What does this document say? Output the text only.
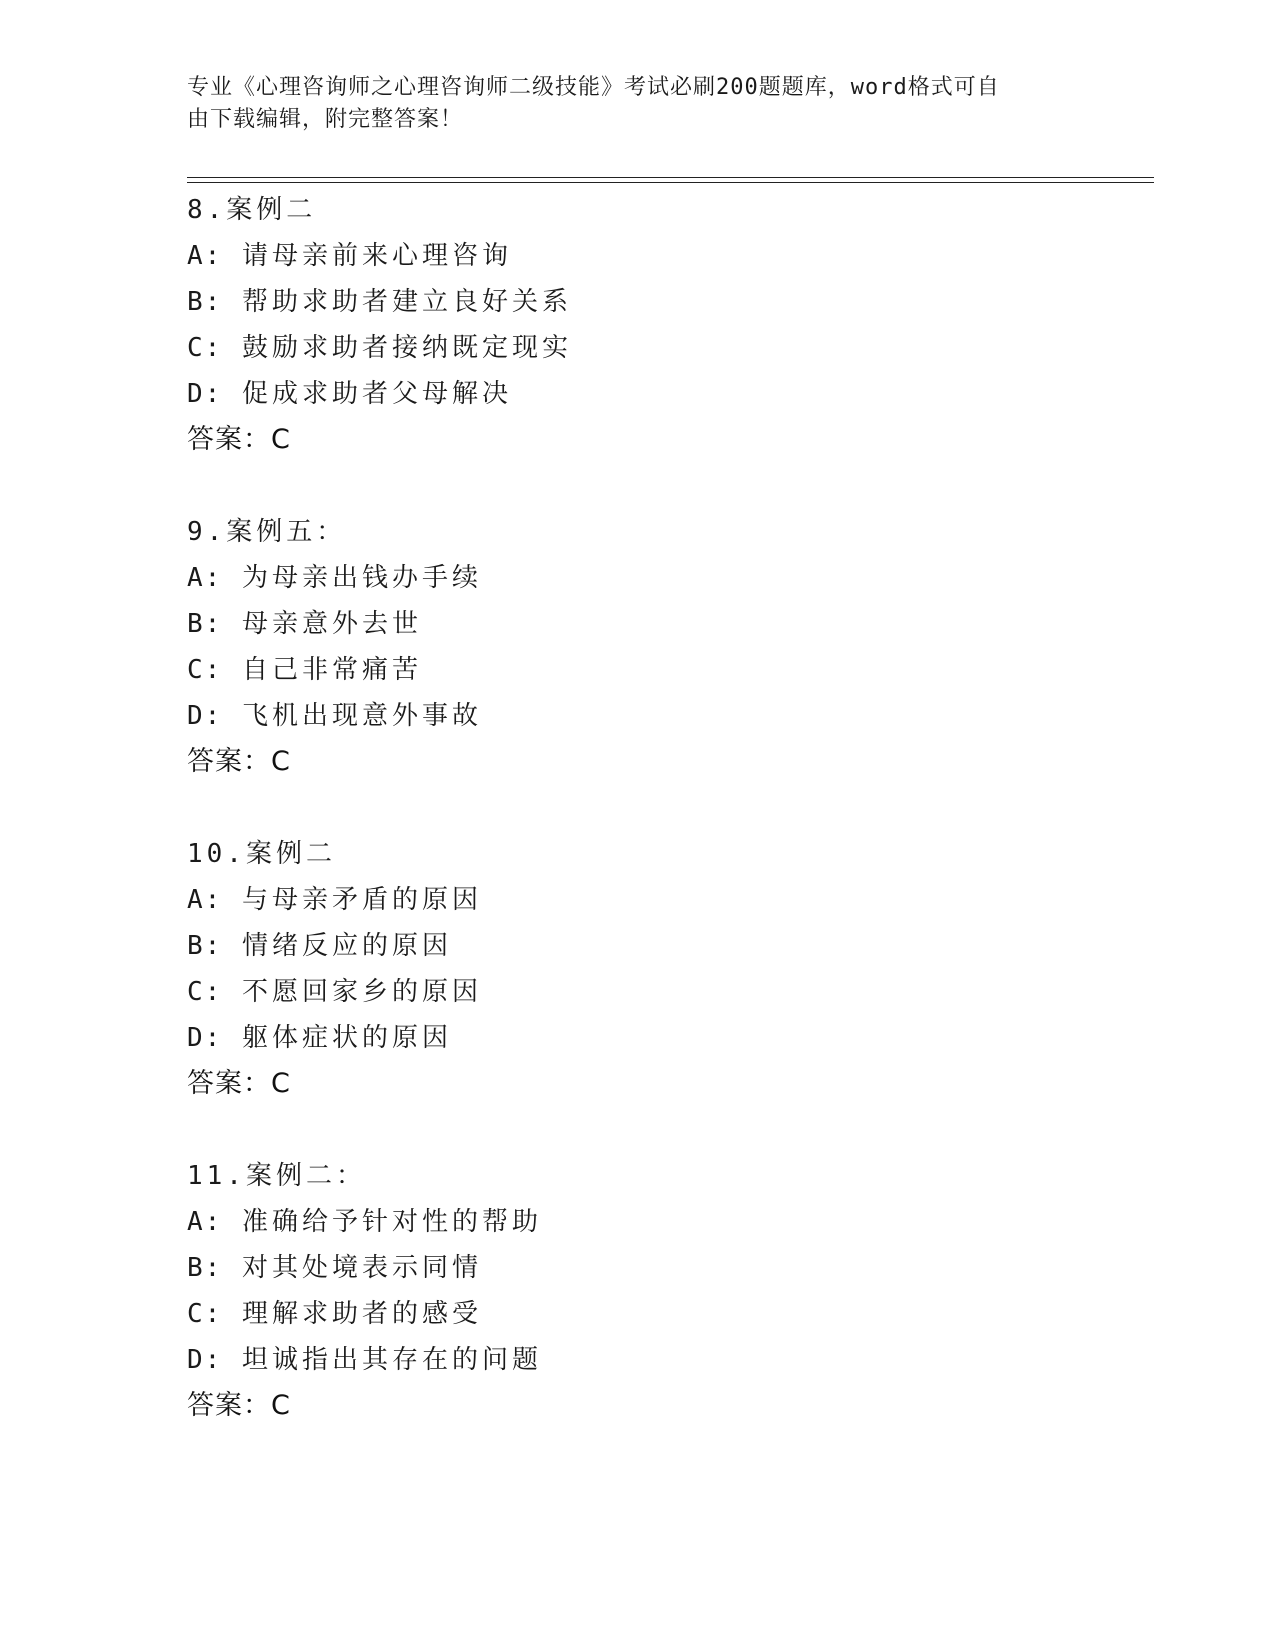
专业《心理咨询师之心理咨询师二级技能》考试必刷200题题库，word格式可自
由下载编辑，附完整答案！
8.案例二
A: 请母亲前来心理咨询
B: 帮助求助者建立良好关系
C: 鼓励求助者接纳既定现实
D: 促成求助者父母解决
答案：C
9.案例五：
A: 为母亲出钱办手续
B: 母亲意外去世
C: 自己非常痛苦
D: 飞机出现意外事故
答案：C
10.案例二
A: 与母亲矛盾的原因
B: 情绪反应的原因
C: 不愿回家乡的原因
D: 躯体症状的原因
答案：C
11.案例二：
A: 准确给予针对性的帮助
B: 对其处境表示同情
C: 理解求助者的感受
D: 坦诚指出其存在的问题
答案：C
